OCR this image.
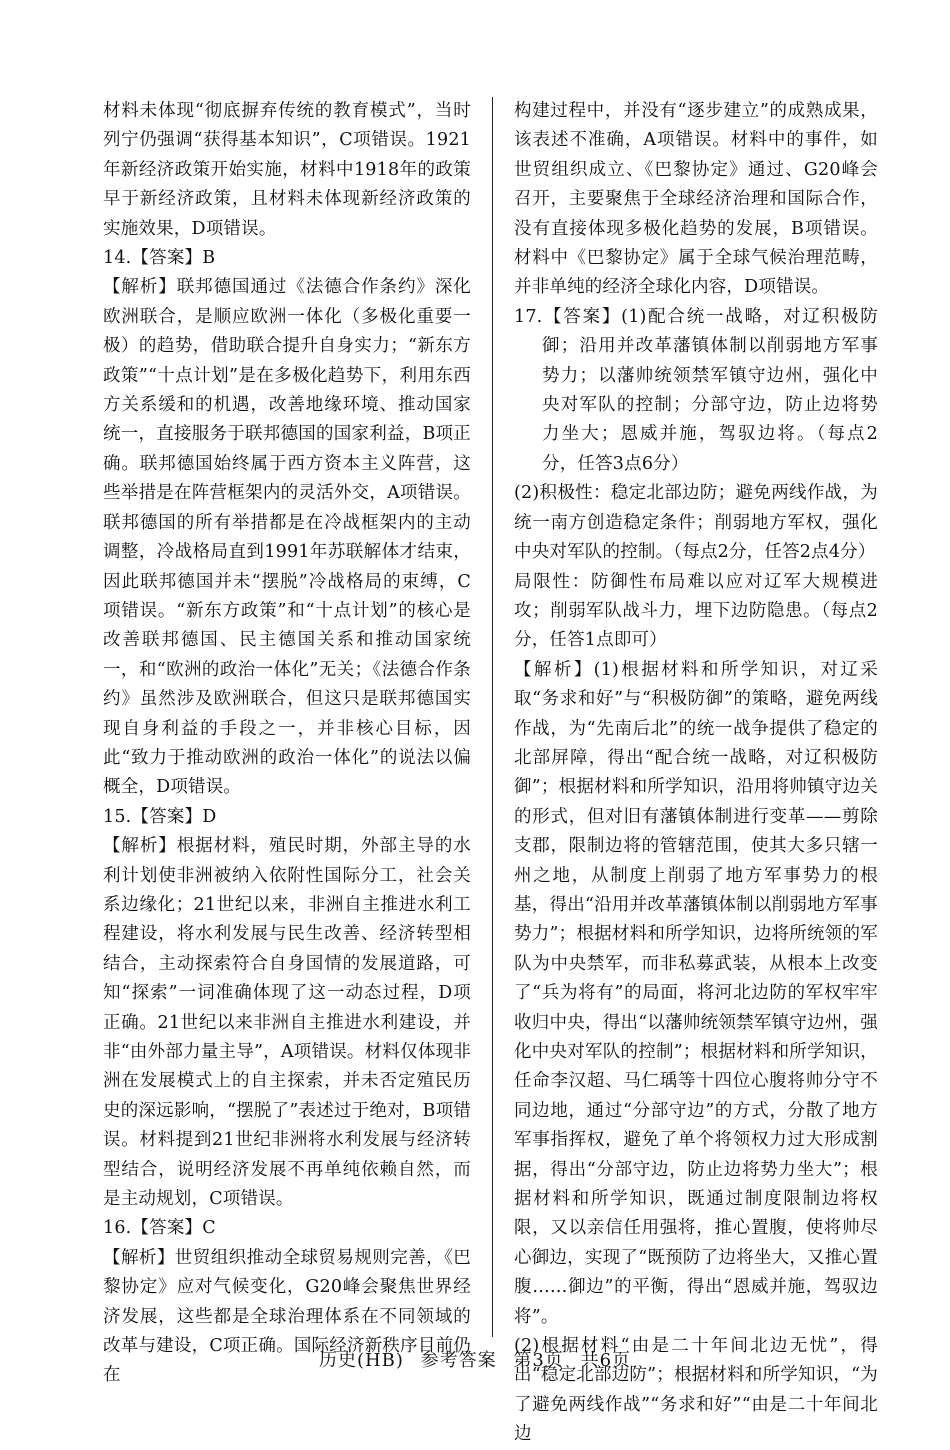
材料未体现“彻底摒弃传统的教育模式”，当时列宁仍强调“获得基本知识”，C项错误。1921年新经济政策开始实施，材料中1918年的政策早于新经济政策，且材料未体现新经济政策的实施效果，D项错误。

14.【答案】B

【解析】联邦德国通过《法德合作条约》深化欧洲联合，是顺应欧洲一体化（多极化重要一极）的趋势，借助联合提升自身实力；“新东方政策”“十点计划”是在多极化趋势下，利用东西方关系缓和的机遇，改善地缘环境、推动国家统一，直接服务于联邦德国的国家利益，B项正确。联邦德国始终属于西方资本主义阵营，这些举措是在阵营框架内的灵活外交，A项错误。联邦德国的所有举措都是在冷战框架内的主动调整，冷战格局直到1991年苏联解体才结束，因此联邦德国并未“摆脱”冷战格局的束缚，C项错误。“新东方政策”和“十点计划”的核心是改善联邦德国、民主德国关系和推动国家统一，和“欧洲的政治一体化”无关；《法德合作条约》虽然涉及欧洲联合，但这只是联邦德国实现自身利益的手段之一，并非核心目标，因此“致力于推动欧洲的政治一体化”的说法以偏概全，D项错误。

15.【答案】D

【解析】根据材料，殖民时期，外部主导的水利计划使非洲被纳入依附性国际分工，社会关系边缘化；21世纪以来，非洲自主推进水利工程建设，将水利发展与民生改善、经济转型相结合，主动探索符合自身国情的发展道路，可知“探索”一词准确体现了这一动态过程，D项正确。21世纪以来非洲自主推进水利建设，并非“由外部力量主导”，A项错误。材料仅体现非洲在发展模式上的自主探索，并未否定殖民历史的深远影响，“摆脱了”表述过于绝对，B项错误。材料提到21世纪非洲将水利发展与经济转型结合，说明经济发展不再单纯依赖自然，而是主动规划，C项错误。

16.【答案】C

【解析】世贸组织推动全球贸易规则完善，《巴黎协定》应对气候变化，G20峰会聚焦世界经济发展，这些都是全球治理体系在不同领域的改革与建设，C项正确。国际经济新秩序目前仍在

构建过程中，并没有“逐步建立”的成熟成果，该表述不准确，A项错误。材料中的事件，如世贸组织成立、《巴黎协定》通过、G20峰会召开，主要聚焦于全球经济治理和国际合作，没有直接体现多极化趋势的发展，B项错误。材料中《巴黎协定》属于全球气候治理范畴，并非单纯的经济全球化内容，D项错误。

17.【答案】(1)配合统一战略，对辽积极防御；沿用并改革藩镇体制以削弱地方军事势力；以藩帅统领禁军镇守边州，强化中央对军队的控制；分部守边，防止边将势力坐大；恩威并施，驾驭边将。（每点2分，任答3点6分）

(2)积极性：稳定北部边防；避免两线作战，为统一南方创造稳定条件；削弱地方军权，强化中央对军队的控制。（每点2分，任答2点4分）

局限性：防御性布局难以应对辽军大规模进攻；削弱军队战斗力，埋下边防隐患。（每点2分，任答1点即可）

【解析】(1)根据材料和所学知识，对辽采取“务求和好”与“积极防御”的策略，避免两线作战，为“先南后北”的统一战争提供了稳定的北部屏障，得出“配合统一战略，对辽积极防御”；根据材料和所学知识，沿用将帅镇守边关的形式，但对旧有藩镇体制进行变革——剪除支郡，限制边将的管辖范围，使其大多只辖一州之地，从制度上削弱了地方军事势力的根基，得出“沿用并改革藩镇体制以削弱地方军事势力”；根据材料和所学知识，边将所统领的军队为中央禁军，而非私募武装，从根本上改变了“兵为将有”的局面，将河北边防的军权牢牢收归中央，得出“以藩帅统领禁军镇守边州，强化中央对军队的控制”；根据材料和所学知识，任命李汉超、马仁瑀等十四位心腹将帅分守不同边地，通过“分部守边”的方式，分散了地方军事指挥权，避免了单个将领权力过大形成割据，得出“分部守边，防止边将势力坐大”；根据材料和所学知识，既通过制度限制边将权限，又以亲信任用强将，推心置腹，使将帅尽心御边，实现了“既预防了边将坐大，又推心置腹……御边”的平衡，得出“恩威并施，驾驭边将”。

(2)根据材料“由是二十年间北边无忧”，得出“稳定北部边防”；根据材料和所学知识，“为了避免两线作战”“务求和好”“由是二十年间北边

历史(HB) 参考答案 第3页 共6页
